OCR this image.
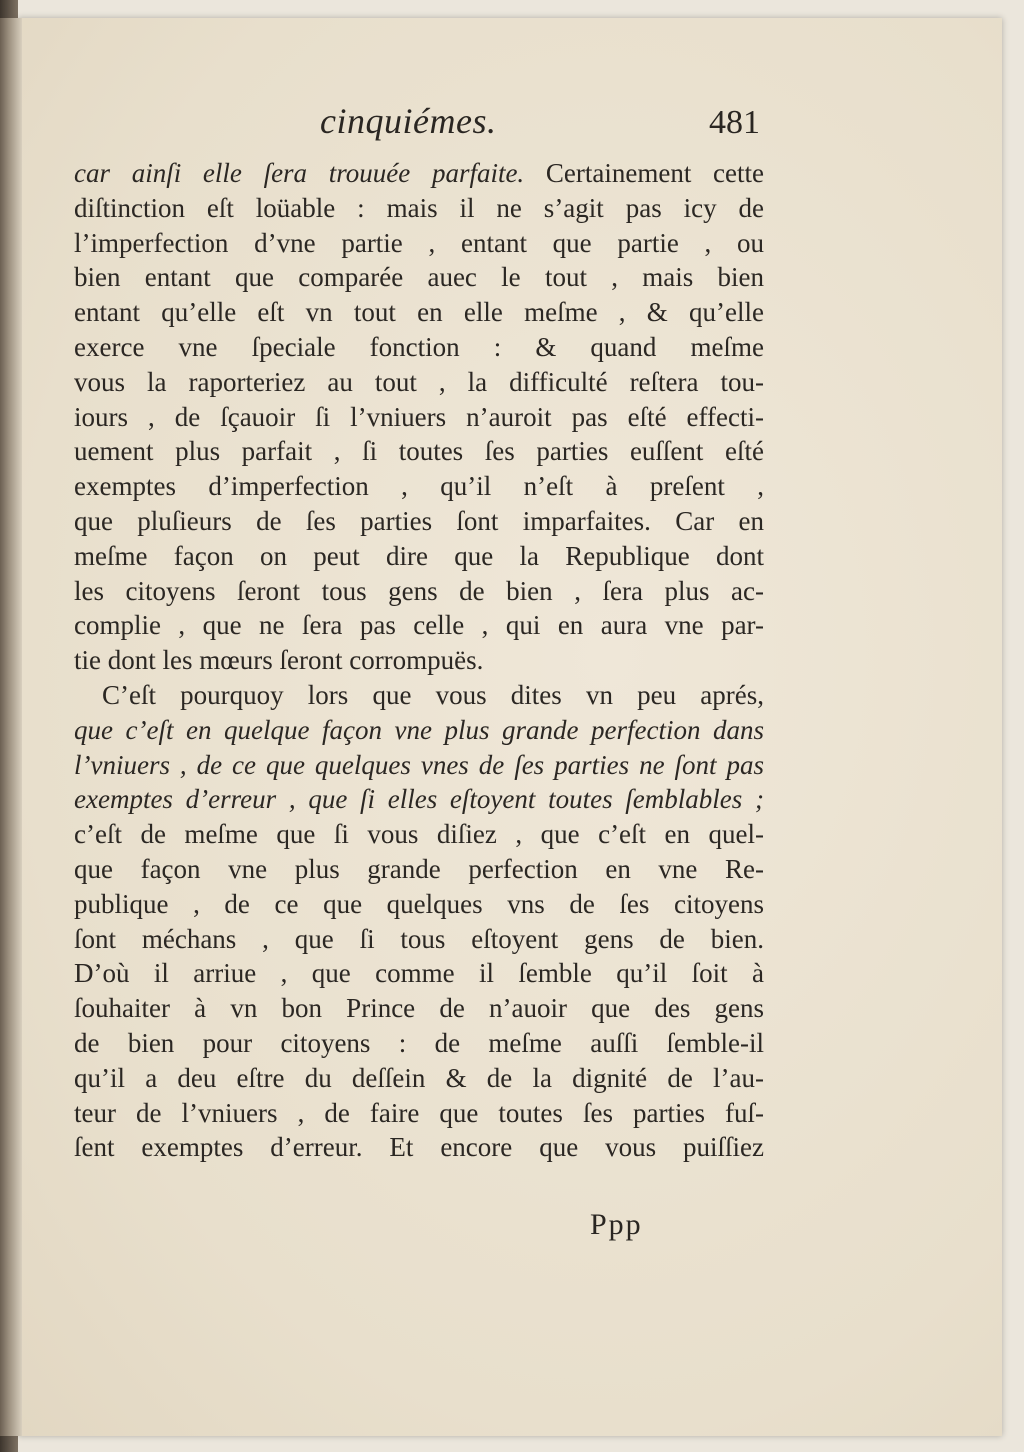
cinquiémes.	481
car ainſi elle ſera trouuée parfaite. Certainement cette
diſtinction eſt loüable : mais il ne s’agit pas icy de
l’imperfection d’vne partie , entant que partie , ou
bien entant que comparée auec le tout , mais bien
entant qu’elle eſt vn tout en elle meſme , & qu’elle
exerce vne ſpeciale fonction : & quand meſme
vous la raporteriez au tout , la difficulté reſtera tou-
iours , de ſçauoir ſi l’vniuers n’auroit pas eſté effecti-
uement plus parfait , ſi toutes ſes parties euſſent eſté
exemptes d’imperfection , qu’il n’eſt à preſent ,
que pluſieurs de ſes parties ſont imparfaites. Car en
meſme façon on peut dire que la Republique dont
les citoyens ſeront tous gens de bien , ſera plus ac-
complie , que ne ſera pas celle , qui en aura vne par-
tie dont les mœurs ſeront corrompuës.
C’eſt pourquoy lors que vous dites vn peu aprés,
que c’eſt en quelque façon vne plus grande perfection dans
l’vniuers , de ce que quelques vnes de ſes parties ne ſont pas
exemptes d’erreur , que ſi elles eſtoyent toutes ſemblables ;
c’eſt de meſme que ſi vous diſiez , que c’eſt en quel-
que façon vne plus grande perfection en vne Re-
publique , de ce que quelques vns de ſes citoyens
ſont méchans , que ſi tous eſtoyent gens de bien.
D’où il arriue , que comme il ſemble qu’il ſoit à
ſouhaiter à vn bon Prince de n’auoir que des gens
de bien pour citoyens : de meſme auſſi ſemble-il
qu’il a deu eſtre du deſſein & de la dignité de l’au-
teur de l’vniuers , de faire que toutes ſes parties fuſ-
ſent exemptes d’erreur. Et encore que vous puiſſiez
Ppp
